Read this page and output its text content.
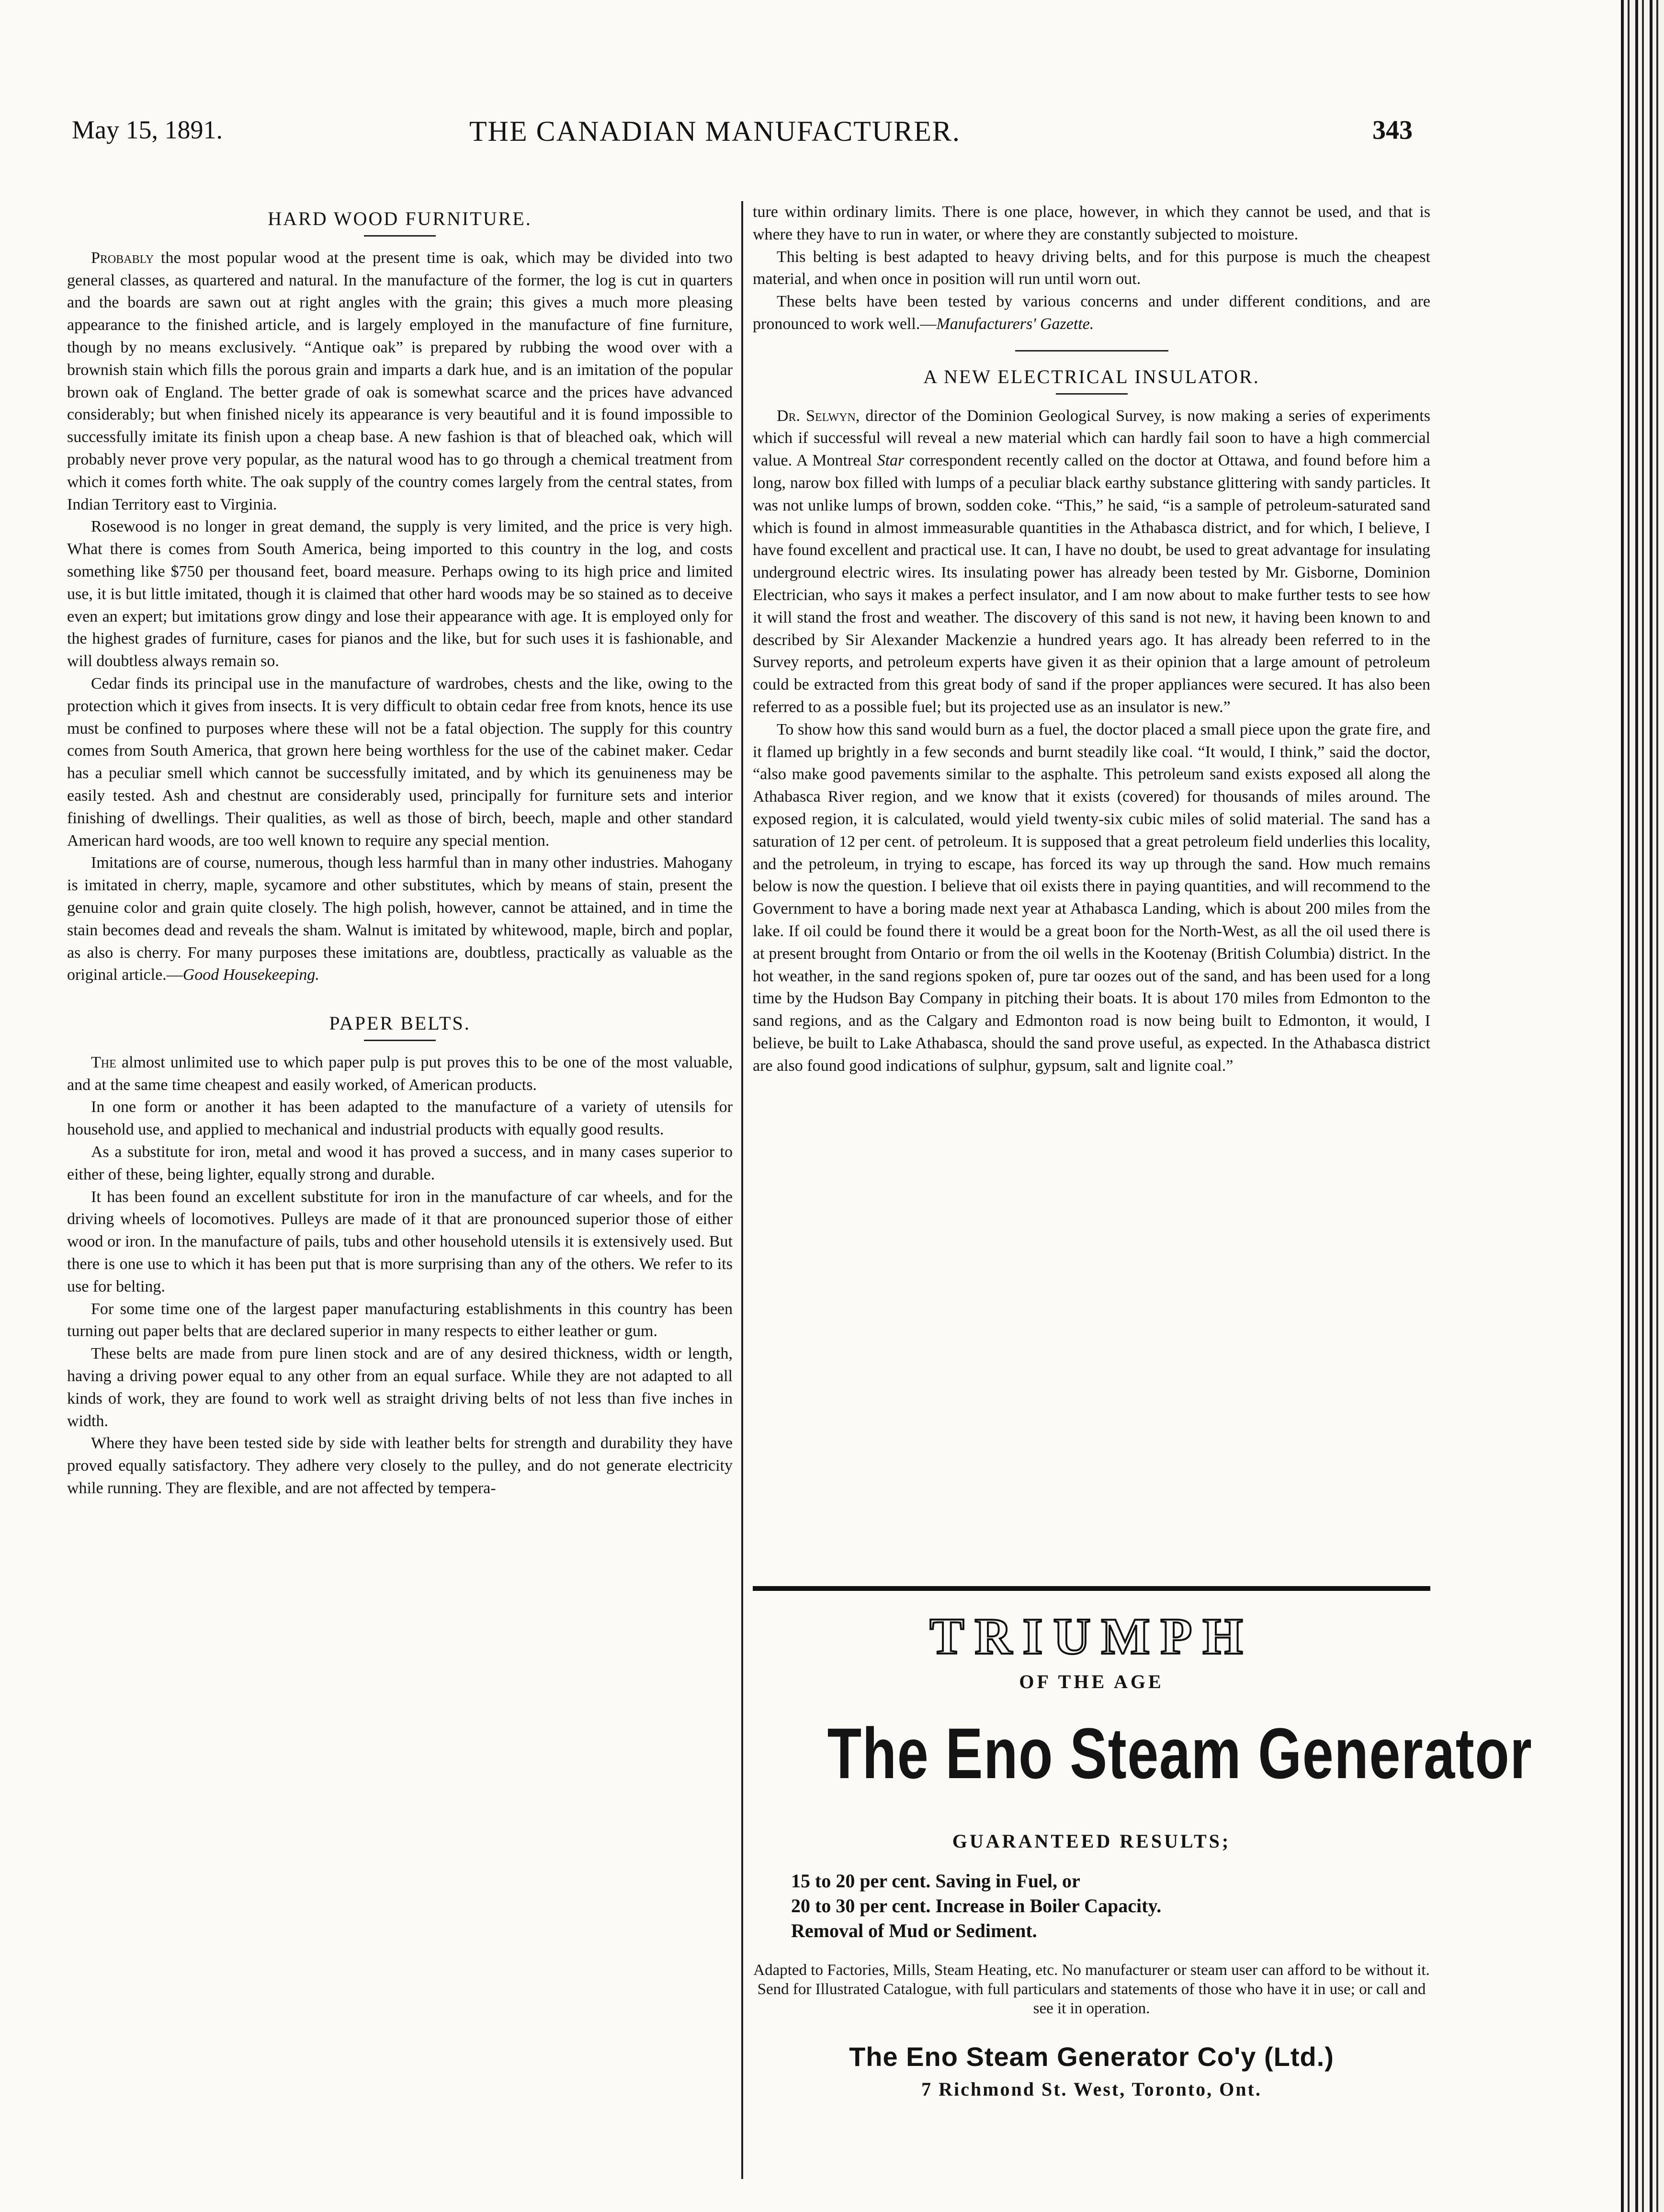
May 15, 1891.	THE CANADIAN MANUFACTURER.	343
HARD WOOD FURNITURE.

Probably the most popular wood at the present time is oak, which may be divided into two general classes, as quartered and natural. In the manufacture of the former, the log is cut in quarters and the boards are sawn out at right angles with the grain; this gives a much more pleasing appearance to the finished article, and is largely employed in the manufacture of fine furniture, though by no means exclusively. “Antique oak” is prepared by rubbing the wood over with a brownish stain which fills the porous grain and imparts a dark hue, and is an imitation of the popular brown oak of England. The better grade of oak is somewhat scarce and the prices have advanced considerably; but when finished nicely its appearance is very beautiful and it is found impossible to successfully imitate its finish upon a cheap base. A new fashion is that of bleached oak, which will probably never prove very popular, as the natural wood has to go through a chemical treatment from which it comes forth white. The oak supply of the country comes largely from the central states, from Indian Territory east to Virginia.

Rosewood is no longer in great demand, the supply is very limited, and the price is very high. What there is comes from South America, being imported to this country in the log, and costs something like $750 per thousand feet, board measure. Perhaps owing to its high price and limited use, it is but little imitated, though it is claimed that other hard woods may be so stained as to deceive even an expert; but imitations grow dingy and lose their appearance with age. It is employed only for the highest grades of furniture, cases for pianos and the like, but for such uses it is fashionable, and will doubtless always remain so.

Cedar finds its principal use in the manufacture of wardrobes, chests and the like, owing to the protection which it gives from insects. It is very difficult to obtain cedar free from knots, hence its use must be confined to purposes where these will not be a fatal objection. The supply for this country comes from South America, that grown here being worthless for the use of the cabinet maker. Cedar has a peculiar smell which cannot be successfully imitated, and by which its genuineness may be easily tested. Ash and chestnut are considerably used, principally for furniture sets and interior finishing of dwellings. Their qualities, as well as those of birch, beech, maple and other standard American hard woods, are too well known to require any special mention.

Imitations are of course, numerous, though less harmful than in many other industries. Mahogany is imitated in cherry, maple, sycamore and other substitutes, which by means of stain, present the genuine color and grain quite closely. The high polish, however, cannot be attained, and in time the stain becomes dead and reveals the sham. Walnut is imitated by whitewood, maple, birch and poplar, as also is cherry. For many purposes these imitations are, doubtless, practically as valuable as the original article.—Good Housekeeping.

PAPER BELTS.

The almost unlimited use to which paper pulp is put proves this to be one of the most valuable, and at the same time cheapest and easily worked, of American products.

In one form or another it has been adapted to the manufacture of a variety of utensils for household use, and applied to mechanical and industrial products with equally good results.

As a substitute for iron, metal and wood it has proved a success, and in many cases superior to either of these, being lighter, equally strong and durable.

It has been found an excellent substitute for iron in the manufacture of car wheels, and for the driving wheels of locomotives. Pulleys are made of it that are pronounced superior those of either wood or iron. In the manufacture of pails, tubs and other household utensils it is extensively used. But there is one use to which it has been put that is more surprising than any of the others. We refer to its use for belting.

For some time one of the largest paper manufacturing establishments in this country has been turning out paper belts that are declared superior in many respects to either leather or gum.

These belts are made from pure linen stock and are of any desired thickness, width or length, having a driving power equal to any other from an equal surface. While they are not adapted to all kinds of work, they are found to work well as straight driving belts of not less than five inches in width.

Where they have been tested side by side with leather belts for strength and durability they have proved equally satisfactory. They adhere very closely to the pulley, and do not generate electricity while running. They are flexible, and are not affected by tempera-

ture within ordinary limits. There is one place, however, in which they cannot be used, and that is where they have to run in water, or where they are constantly subjected to moisture.

This belting is best adapted to heavy driving belts, and for this purpose is much the cheapest material, and when once in position will run until worn out.

These belts have been tested by various concerns and under different conditions, and are pronounced to work well.—Manufacturers' Gazette.

A NEW ELECTRICAL INSULATOR.

Dr. Selwyn, director of the Dominion Geological Survey, is now making a series of experiments which if successful will reveal a new material which can hardly fail soon to have a high commercial value. A Montreal Star correspondent recently called on the doctor at Ottawa, and found before him a long, narow box filled with lumps of a peculiar black earthy substance glittering with sandy particles. It was not unlike lumps of brown, sodden coke. “This,” he said, “is a sample of petroleum-saturated sand which is found in almost immeasurable quantities in the Athabasca district, and for which, I believe, I have found excellent and practical use. It can, I have no doubt, be used to great advantage for insulating underground electric wires. Its insulating power has already been tested by Mr. Gisborne, Dominion Electrician, who says it makes a perfect insulator, and I am now about to make further tests to see how it will stand the frost and weather. The discovery of this sand is not new, it having been known to and described by Sir Alexander Mackenzie a hundred years ago. It has already been referred to in the Survey reports, and petroleum experts have given it as their opinion that a large amount of petroleum could be extracted from this great body of sand if the proper appliances were secured. It has also been referred to as a possible fuel; but its projected use as an insulator is new.”

To show how this sand would burn as a fuel, the doctor placed a small piece upon the grate fire, and it flamed up brightly in a few seconds and burnt steadily like coal. “It would, I think,” said the doctor, “also make good pavements similar to the asphalte. This petroleum sand exists exposed all along the Athabasca River region, and we know that it exists (covered) for thousands of miles around. The exposed region, it is calculated, would yield twenty-six cubic miles of solid material. The sand has a saturation of 12 per cent. of petroleum. It is supposed that a great petroleum field underlies this locality, and the petroleum, in trying to escape, has forced its way up through the sand. How much remains below is now the question. I believe that oil exists there in paying quantities, and will recommend to the Government to have a boring made next year at Athabasca Landing, which is about 200 miles from the lake. If oil could be found there it would be a great boon for the North-West, as all the oil used there is at present brought from Ontario or from the oil wells in the Kootenay (British Columbia) district. In the hot weather, in the sand regions spoken of, pure tar oozes out of the sand, and has been used for a long time by the Hudson Bay Company in pitching their boats. It is about 170 miles from Edmonton to the sand regions, and as the Calgary and Edmonton road is now being built to Edmonton, it would, I believe, be built to Lake Athabasca, should the sand prove useful, as expected. In the Athabasca district are also found good indications of sulphur, gypsum, salt and lignite coal.”

TRIUMPH
OF THE AGE
The Eno Steam Generator
GUARANTEED RESULTS;
15 to 20 per cent. Saving in Fuel, or
20 to 30 per cent. Increase in Boiler Capacity.
Removal of Mud or Sediment.
Adapted to Factories, Mills, Steam Heating, etc. No manufacturer or steam user can afford to be without it. Send for Illustrated Catalogue, with full particulars and statements of those who have it in use; or call and see it in operation.
The Eno Steam Generator Co'y (Ltd.)
7 Richmond St. West, Toronto, Ont.
